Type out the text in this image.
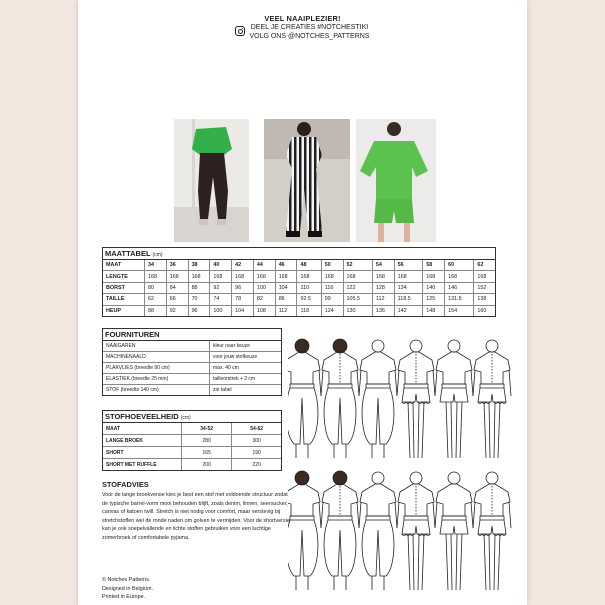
VEEL NAAIPLEZIER!
DEEL JE CREATIES #NOTCHESTIKI
VOLG ONS @NOTCHES_PATTERNS
MAATTABEL (cm)
MAAT	34	36	38	40	42	44	46	48	50	52	54	56	58	60	62
LENGTE	168	168	168	168	168	168	168	168	168	168	168	168	168	168	168
BORST	80	84	88	92	96	100	104	110	116	122	128	134	140	146	152
TAILLE	62	66	70	74	78	82	86	92.5	99	105.5	112	118.5	125	131.5	138
HEUP	88	92	96	100	104	108	112	118	124	130	136	142	148	154	160
FOURNITUREN
NAAIGAREN	kleur naar keuze
MACHINENAALD	voor jouw stofkeuze
PLAKVLIES (breedte 90 cm)	max. 40 cm
ELASTIEK (breedte 25 mm)	tailleomtrek + 2 cm
STOF (breedte 140 cm)	zie tabel
STOFHOEVEELHEID (cm)
MAAT	34-52	54-62
LANGE BROEK	280	300
SHORT	165	190
SHORT MET RUFFLE	200	220
STOFADVIES

Voor de lange broekversie kies je best een stof met voldoende structuur zodat de typische barrel-vorm mooi behouden blijft, zoals denim, linnen, seersucker, canvas of katoen twill. Stretch is niet nodig voor comfort, maar verstevig bij stretchstoffen wel de ronde naden om golven te vermijden. Voor de shortversie kan je ook soepelvallende en lichte stoffen gebruiken voor een luchtige zomerbroek of comfortabele pyjama.

© Notches Patterns.
Designed in Belgium.
Printed in Europe.
